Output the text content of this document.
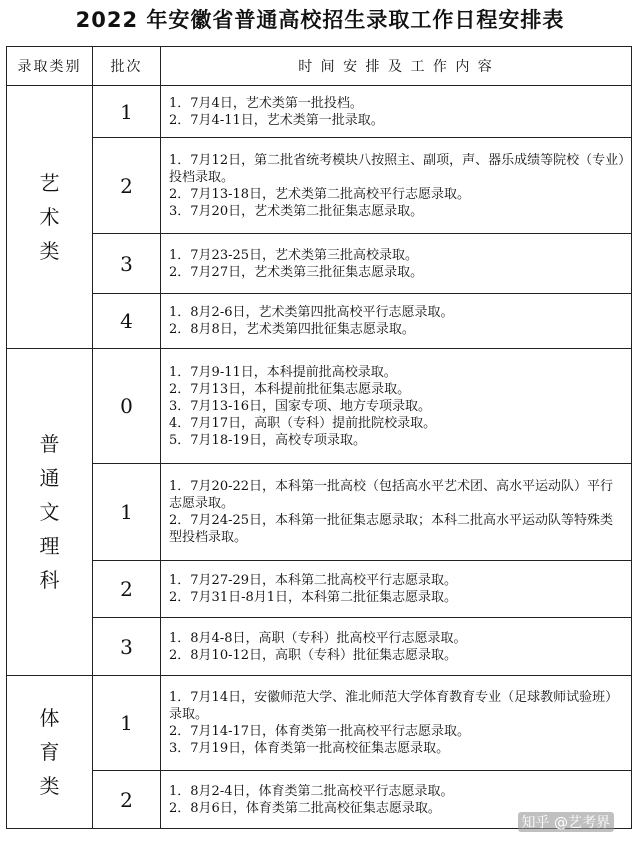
2022 年安徽省普通高校招生录取工作日程安排表
录取类别	批次	时 间 安 排 及 工 作 内 容

艺
术
类	1	1．7月4日，艺术类第一批投档。
2．7月4-11日，艺术类第一批录取。

	2	1．7月12日，第二批省统考模块八按照主、副项，声、器乐成绩等院校（专业）投档录取。
2．7月13-18日，艺术类第二批高校平行志愿录取。
3．7月20日，艺术类第二批征集志愿录取。

	3	1．7月23-25日，艺术类第三批高校录取。
2．7月27日，艺术类第三批征集志愿录取。

	4	1．8月2-6日，艺术类第四批高校平行志愿录取。
2．8月8日，艺术类第四批征集志愿录取。

普
通
文
理
科	0	1．7月9-11日，本科提前批高校录取。
2．7月13日，本科提前批征集志愿录取。
3．7月13-16日，国家专项、地方专项录取。
4．7月17日，高职（专科）提前批院校录取。
5．7月18-19日，高校专项录取。

	1	1．7月20-22日，本科第一批高校（包括高水平艺术团、高水平运动队）平行志愿录取。
2．7月24-25日，本科第一批征集志愿录取；本科二批高水平运动队等特殊类型投档录取。

	2	1．7月27-29日，本科第二批高校平行志愿录取。
2．7月31日-8月1日，本科第二批征集志愿录取。

	3	1．8月4-8日，高职（专科）批高校平行志愿录取。
2．8月10-12日，高职（专科）批征集志愿录取。

体
育
类	1	1．7月14日，安徽师范大学、淮北师范大学体育教育专业（足球教师试验班）录取。
2．7月14-17日，体育类第一批高校平行志愿录取。
3．7月19日，体育类第一批高校征集志愿录取。

	2	1．8月2-4日，体育类第二批高校平行志愿录取。
2．8月6日，体育类第二批高校征集志愿录取。
知乎 @艺考界
